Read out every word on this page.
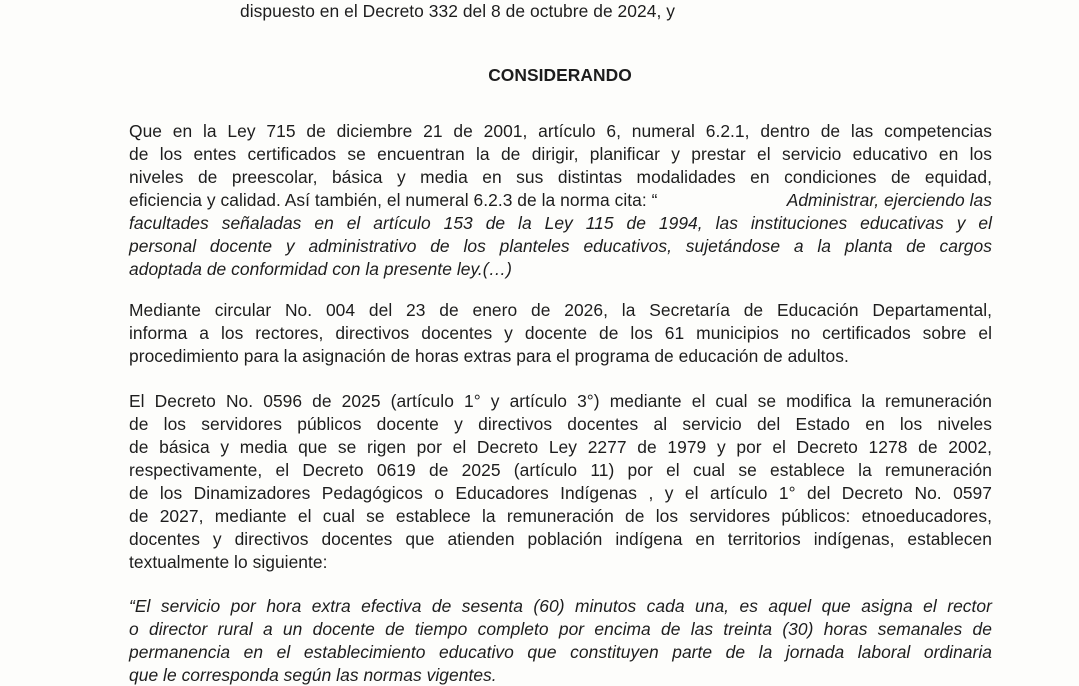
dispuesto en el Decreto 332 del 8 de octubre de 2024, y
CONSIDERANDO
Que en la Ley 715 de diciembre 21 de 2001, artículo 6, numeral 6.2.1, dentro de las competencias
de los entes certificados se encuentran la de dirigir, planificar y prestar el servicio educativo en los
niveles de preescolar, básica y media en sus distintas modalidades en condiciones de equidad,
eficiencia y calidad. Así también, el numeral 6.2.3 de la norma cita: “	Administrar, ejerciendo las
facultades señaladas en el artículo 153 de la Ley 115 de 1994, las instituciones educativas y el
personal docente y administrativo de los planteles educativos, sujetándose a la planta de cargos
adoptada de conformidad con la presente ley.(…)
Mediante circular No. 004 del 23 de enero de 2026, la Secretaría de Educación Departamental,
informa a los rectores, directivos docentes y docente de los 61 municipios no certificados sobre el
procedimiento para la asignación de horas extras para el programa de educación de adultos.
El Decreto No. 0596 de 2025 (artículo 1° y artículo 3°) mediante el cual se modifica la remuneración
de los servidores públicos docente y directivos docentes al servicio del Estado en los niveles
de básica y media que se rigen por el Decreto Ley 2277 de 1979 y por el Decreto 1278 de 2002,
respectivamente, el Decreto 0619 de 2025 (artículo 11) por el cual se establece la remuneración
de los Dinamizadores Pedagógicos o Educadores Indígenas , y el artículo 1° del Decreto No. 0597
de 2027, mediante el cual se establece la remuneración de los servidores públicos: etnoeducadores,
docentes y directivos docentes que atienden población indígena en territorios indígenas, establecen
textualmente lo siguiente:
“El servicio por hora extra efectiva de sesenta (60) minutos cada una, es aquel que asigna el rector
o director rural a un docente de tiempo completo por encima de las treinta (30) horas semanales de
permanencia en el establecimiento educativo que constituyen parte de la jornada laboral ordinaria
que le corresponda según las normas vigentes.
